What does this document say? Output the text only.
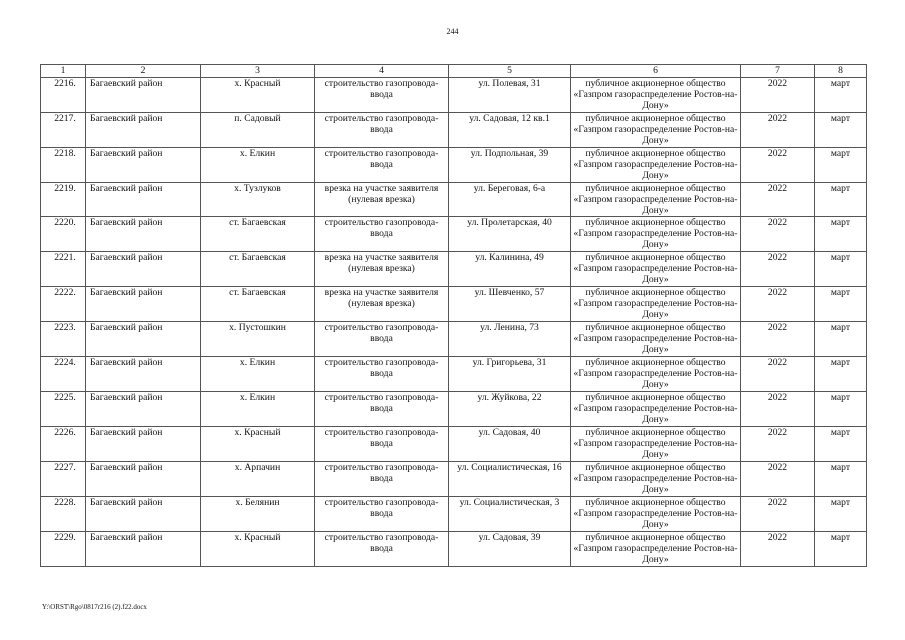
244
1	2	3	4	5	6	7	8
2216.	Багаевский район	х. Красный	строительство газопровода-ввода	ул. Полевая, 31	публичное акционерное общество «Газпром газораспределение Ростов-на-Дону»	2022	март
2217.	Багаевский район	п. Садовый	строительство газопровода-ввода	ул. Садовая, 12 кв.1	публичное акционерное общество «Газпром газораспределение Ростов-на-Дону»	2022	март
2218.	Багаевский район	х. Елкин	строительство газопровода-ввода	ул. Подпольная, 39	публичное акционерное общество «Газпром газораспределение Ростов-на-Дону»	2022	март
2219.	Багаевский район	х. Тузлуков	врезка на участке заявителя (нулевая врезка)	ул. Береговая, 6-а	публичное акционерное общество «Газпром газораспределение Ростов-на-Дону»	2022	март
2220.	Багаевский район	ст. Багаевская	строительство газопровода-ввода	ул. Пролетарская, 40	публичное акционерное общество «Газпром газораспределение Ростов-на-Дону»	2022	март
2221.	Багаевский район	ст. Багаевская	врезка на участке заявителя (нулевая врезка)	ул. Калинина, 49	публичное акционерное общество «Газпром газораспределение Ростов-на-Дону»	2022	март
2222.	Багаевский район	ст. Багаевская	врезка на участке заявителя (нулевая врезка)	ул. Шевченко, 57	публичное акционерное общество «Газпром газораспределение Ростов-на-Дону»	2022	март
2223.	Багаевский район	х. Пустошкин	строительство газопровода-ввода	ул. Ленина, 73	публичное акционерное общество «Газпром газораспределение Ростов-на-Дону»	2022	март
2224.	Багаевский район	х. Елкин	строительство газопровода-ввода	ул. Григорьева, 31	публичное акционерное общество «Газпром газораспределение Ростов-на-Дону»	2022	март
2225.	Багаевский район	х. Елкин	строительство газопровода-ввода	ул. Жуйкова, 22	публичное акционерное общество «Газпром газораспределение Ростов-на-Дону»	2022	март
2226.	Багаевский район	х. Красный	строительство газопровода-ввода	ул. Садовая, 40	публичное акционерное общество «Газпром газораспределение Ростов-на-Дону»	2022	март
2227.	Багаевский район	х. Арпачин	строительство газопровода-ввода	ул. Социалистическая, 16	публичное акционерное общество «Газпром газораспределение Ростов-на-Дону»	2022	март
2228.	Багаевский район	х. Белянин	строительство газопровода-ввода	ул. Социалистическая, 3	публичное акционерное общество «Газпром газораспределение Ростов-на-Дону»	2022	март
2229.	Багаевский район	х. Красный	строительство газопровода-ввода	ул. Садовая, 39	публичное акционерное общество «Газпром газораспределение Ростов-на-Дону»	2022	март
Y:\ORST\Rgo\0817r216 (2).f22.docx
